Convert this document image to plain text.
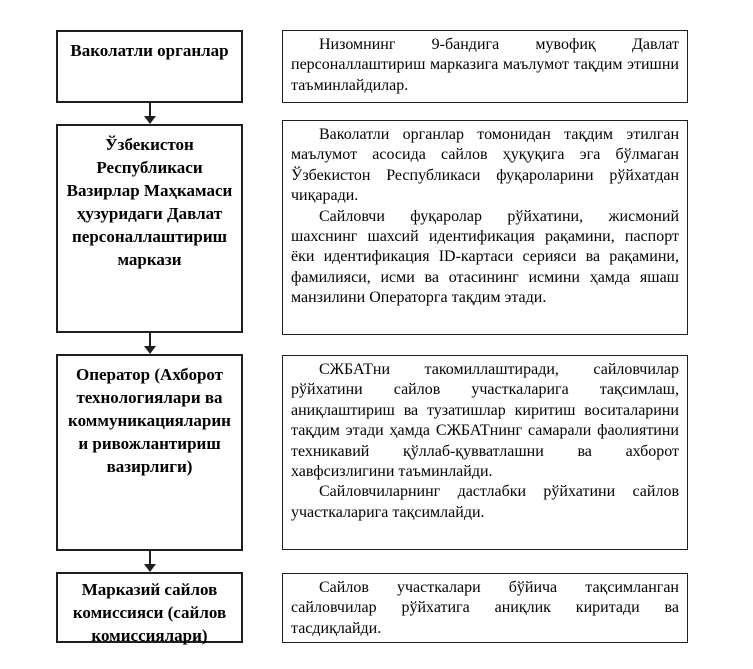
Ваколатли органлар	Низомнинг 9-бандига мувофиқ Давлат персоналлаштириш марказига маълумот тақдим этишни таъминлайдилар.

Ўзбекистон Республикаси Вазирлар Маҳкамаси ҳузуридаги Давлат персоналлаштириш маркази

Ваколатли органлар томонидан тақдим этилган маълумот асосида сайлов ҳуқуқига эга бўлмаган Ўзбекистон Республикаси фуқароларини рўйхатдан чиқаради.

Сайловчи фуқаролар рўйхатини, жисмоний шахснинг шахсий идентификация рақамини, паспорт ёки идентификация ID-картаси серияси ва рақамини, фамилияси, исми ва отасининг исмини ҳамда яшаш манзилини Операторга тақдим этади.

Оператор (Ахборот технологиялари ва коммуникацияларини ривожлантириш вазирлиги)

СЖБАТни такомиллаштиради, сайловчилар рўйхатини сайлов участкаларига тақсимлаш, аниқлаштириш ва тузатишлар киритиш воситаларини тақдим этади ҳамда СЖБАТнинг самарали фаолиятини техникавий қўллаб-қувватлашни ва ахборот хавфсизлигини таъминлайди.

Сайловчиларнинг дастлабки рўйхатини сайлов участкаларига тақсимлайди.

Марказий сайлов комиссияси (сайлов комиссиялари)

Сайлов участкалари бўйича тақсимланган сайловчилар рўйхатига аниқлик киритади ва тасдиқлайди.
